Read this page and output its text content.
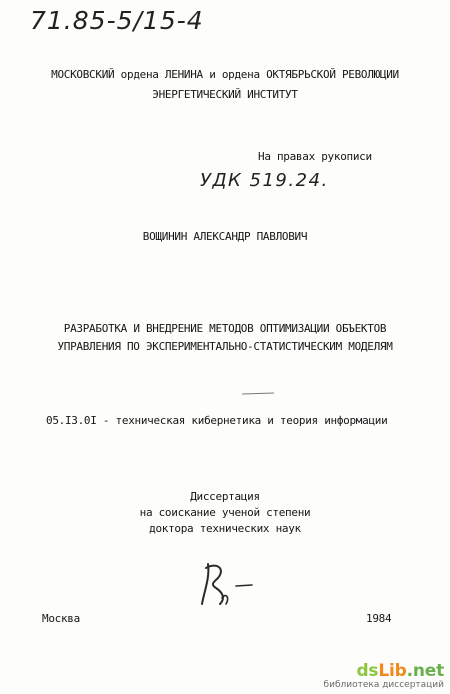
71.85-5/15-4
МОСКОВСКИЙ ордена ЛЕНИНА и ордена ОКТЯБРЬСКОЙ РЕВОЛЮЦИИ
ЭНЕРГЕТИЧЕСКИЙ ИНСТИТУТ
На правах рукописи
УДК 519.24.
ВОЩИНИН АЛЕКСАНДР ПАВЛОВИЧ
РАЗРАБОТКА И ВНЕДРЕНИЕ МЕТОДОВ ОПТИМИЗАЦИИ ОБЪЕКТОВ
УПРАВЛЕНИЯ ПО ЭКСПЕРИМЕНТАЛЬНО-СТАТИСТИЧЕСКИМ МОДЕЛЯМ
05.I3.0I - техническая кибернетика и теория информации
Диссертация
на соискание ученой степени
доктора технических наук
Москва	1984
dsLib.net
библиотека диссертаций
